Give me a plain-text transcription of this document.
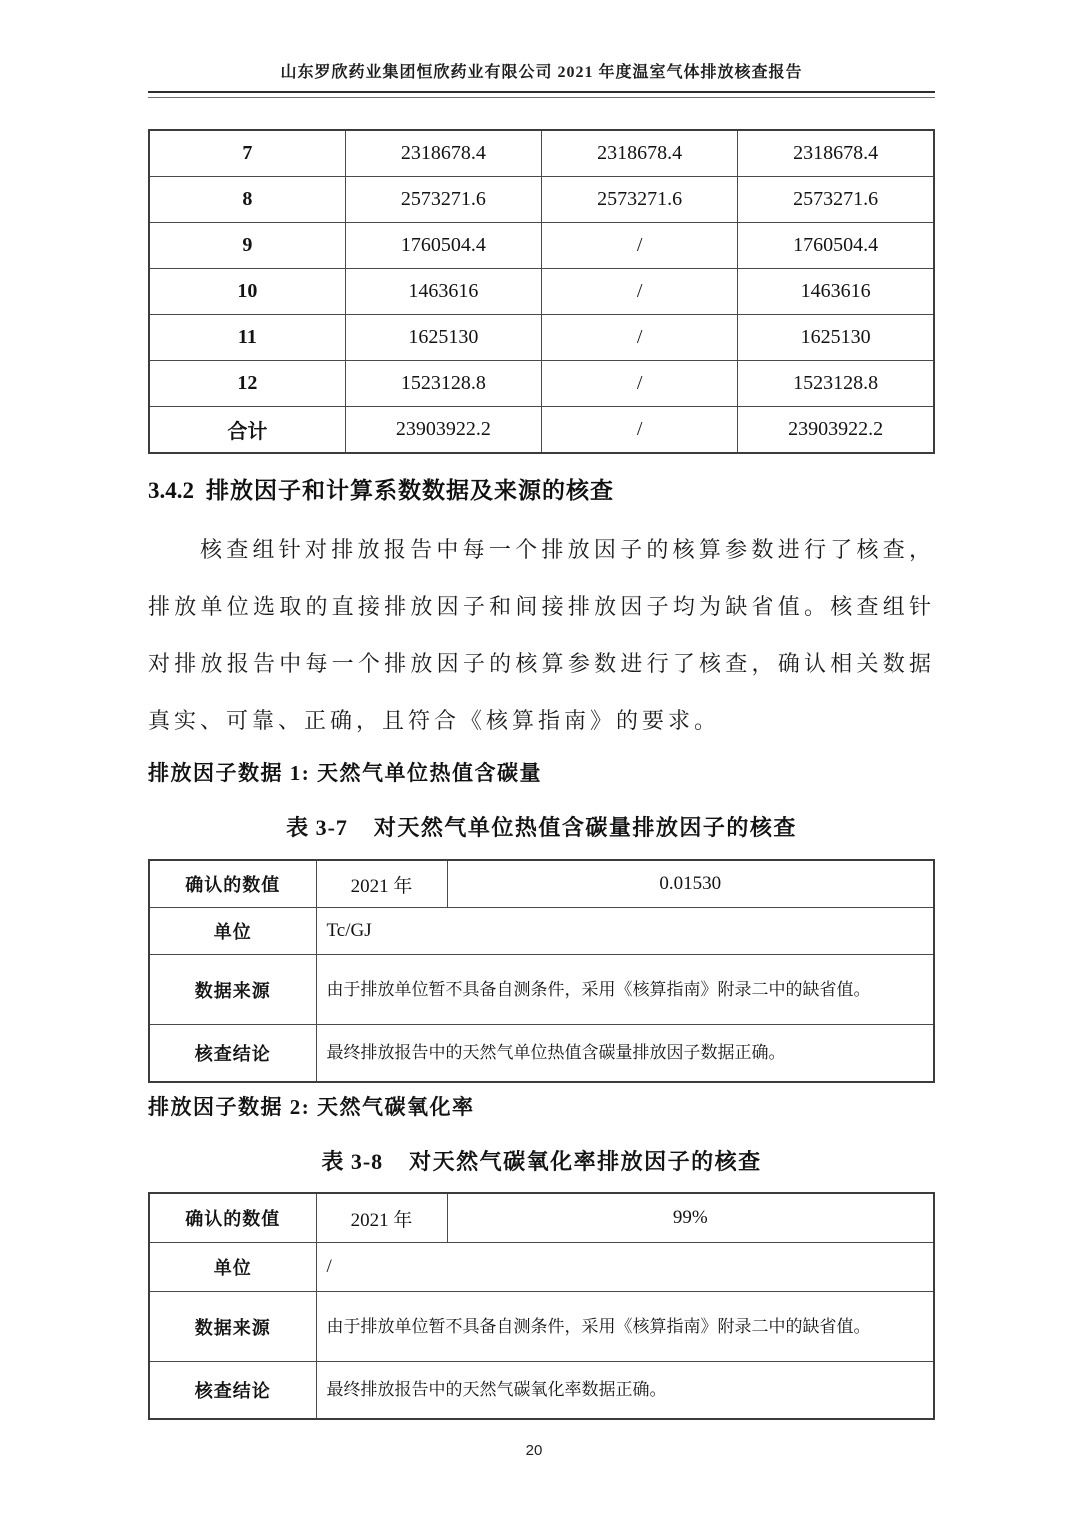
山东罗欣药业集团恒欣药业有限公司 2021 年度温室气体排放核查报告
7	2318678.4	2318678.4	2318678.4
8	2573271.6	2573271.6	2573271.6
9	1760504.4	/	1760504.4
10	1463616	/	1463616
11	1625130	/	1625130
12	1523128.8	/	1523128.8
合计	23903922.2	/	23903922.2
3.4.2 排放因子和计算系数数据及来源的核查
核查组针对排放报告中每一个排放因子的核算参数进行了核查，排放单位选取的直接排放因子和间接排放因子均为缺省值。核查组针对排放报告中每一个排放因子的核算参数进行了核查，确认相关数据真实、可靠、正确，且符合《核算指南》的要求。
排放因子数据 1: 天然气单位热值含碳量
表 3-7 对天然气单位热值含碳量排放因子的核查
确认的数值	2021 年	0.01530
单位	Tc/GJ	
数据来源	由于排放单位暂不具备自测条件，采用《核算指南》附录二中的缺省值。	
核查结论	最终排放报告中的天然气单位热值含碳量排放因子数据正确。	
排放因子数据 2: 天然气碳氧化率
表 3-8 对天然气碳氧化率排放因子的核查
确认的数值	2021 年	99%
单位	/	
数据来源	由于排放单位暂不具备自测条件，采用《核算指南》附录二中的缺省值。	
核查结论	最终排放报告中的天然气碳氧化率数据正确。	
20
